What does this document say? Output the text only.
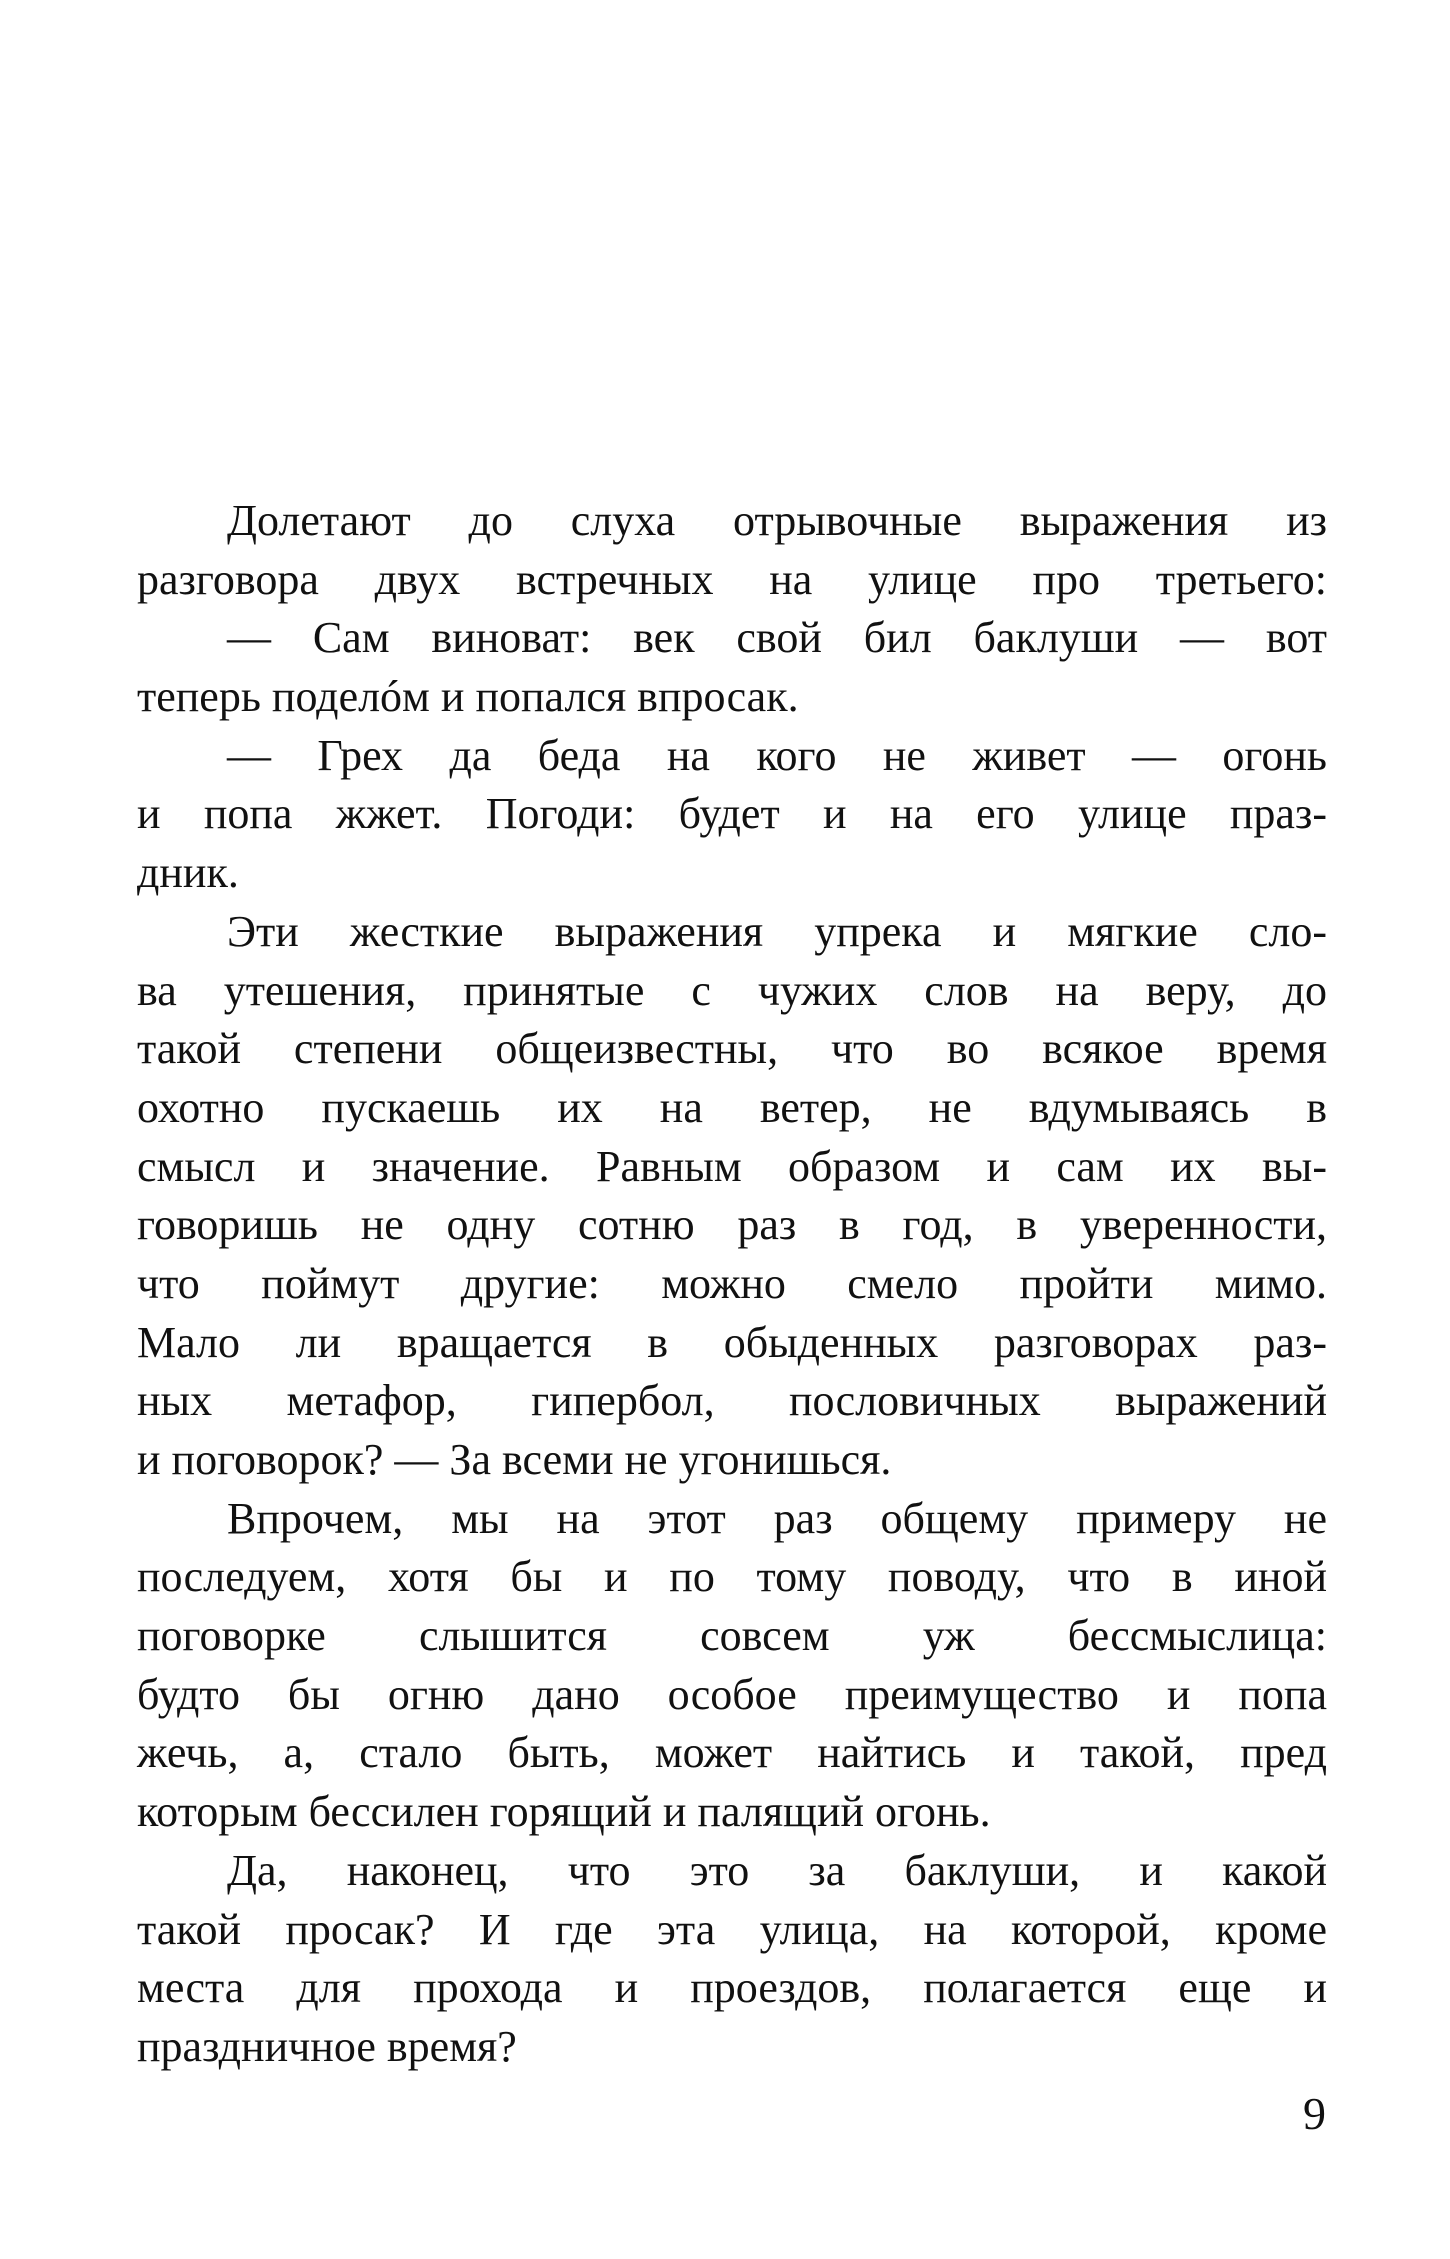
Долетают до слуха отрывочные выражения из
разговора двух встречных на улице про третьего:
— Сам виноват: век свой бил баклуши — вот
теперь поделóм и попался впросак.
— Грех да беда на кого не живет — огонь
и попа жжет. Погоди: будет и на его улице праз-
дник.
Эти жесткие выражения упрека и мягкие сло-
ва утешения, принятые с чужих слов на веру, до
такой степени общеизвестны, что во всякое время
охотно пускаешь их на ветер, не вдумываясь в
смысл и значение. Равным образом и сам их вы-
говоришь не одну сотню раз в год, в уверенности,
что поймут другие: можно смело пройти мимо.
Мало ли вращается в обыденных разговорах раз-
ных метафор, гипербол, пословичных выражений
и поговорок? — За всеми не угонишься.
Впрочем, мы на этот раз общему примеру не
последуем, хотя бы и по тому поводу, что в иной
поговорке слышится совсем уж бессмыслица:
будто бы огню дано особое преимущество и попа
жечь, а, стало быть, может найтись и такой, пред
которым бессилен горящий и палящий огонь.
Да, наконец, что это за баклуши, и какой
такой просак? И где эта улица, на которой, кроме
места для прохода и проездов, полагается еще и
праздничное время?
9
